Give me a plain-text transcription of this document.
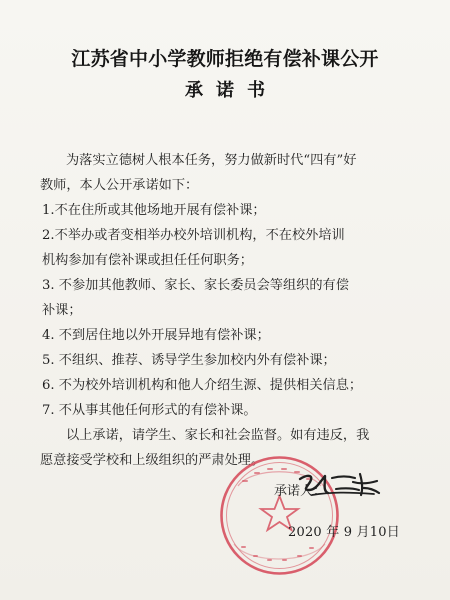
江苏省中小学教师拒绝有偿补课公开
承诺书

为落实立德树人根本任务，努力做新时代“四有”好

教师，本人公开承诺如下：

1.不在住所或其他场地开展有偿补课；

2.不举办或者变相举办校外培训机构，不在校外培训

机构参加有偿补课或担任任何职务；

3. 不参加其他教师、家长、家长委员会等组织的有偿

补课；

4. 不到居住地以外开展异地有偿补课；

5. 不组织、推荐、诱导学生参加校内外有偿补课；

6. 不为校外培训机构和他人介绍生源、提供相关信息；

7. 不从事其他任何形式的有偿补课。

以上承诺，请学生、家长和社会监督。如有违反，我

愿意接受学校和上级组织的严肃处理。

承诺人：
2020 年 9 月10日
